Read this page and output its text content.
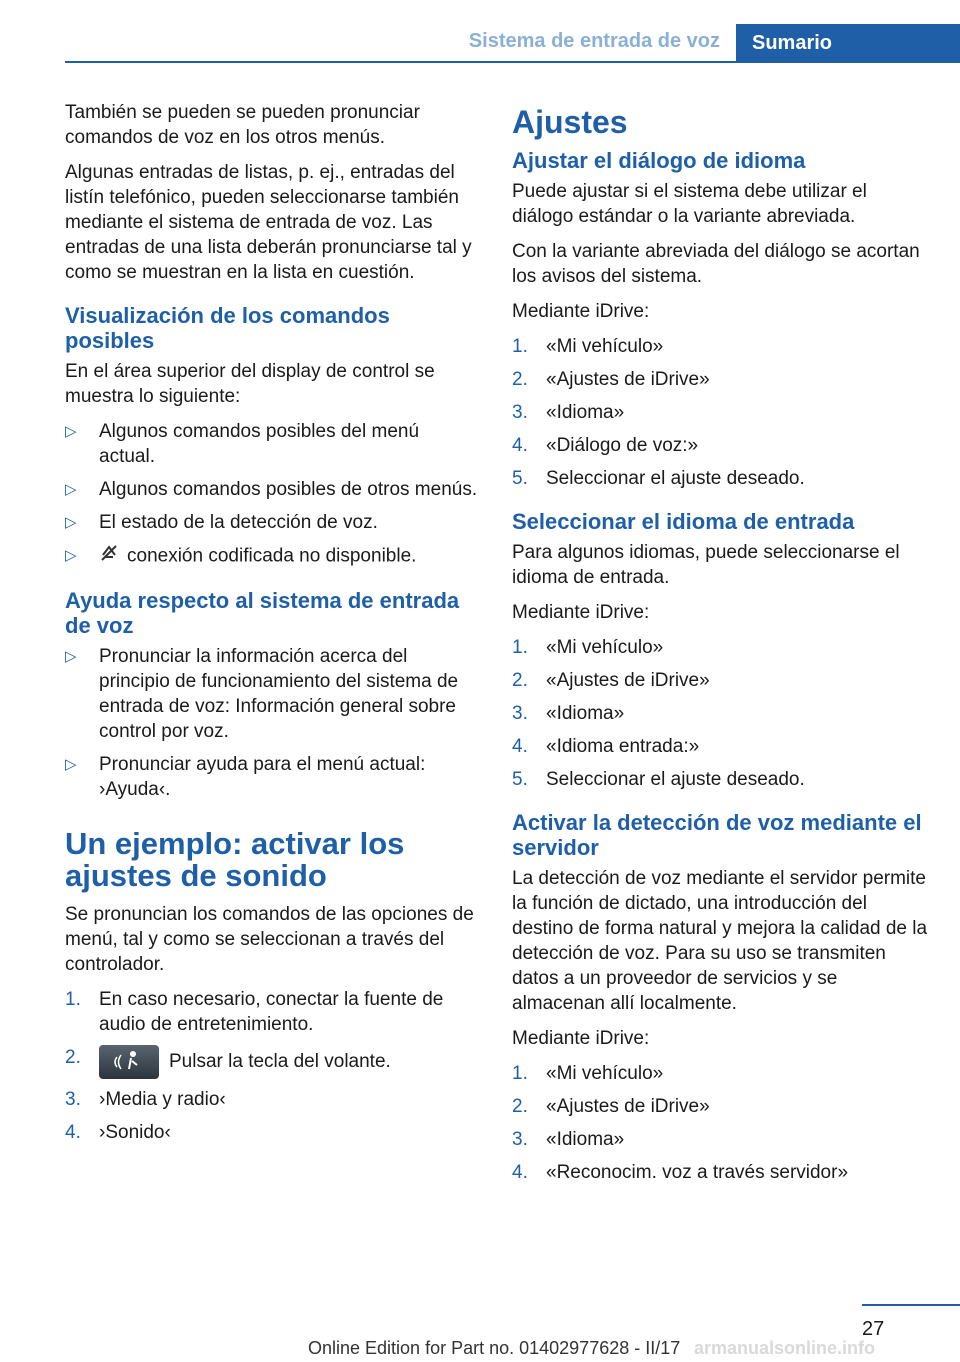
Sistema de entrada de voz	Sumario

También se pueden se pueden pronunciar comandos de voz en los otros menús.

Algunas entradas de listas, p. ej., entradas del listín telefónico, pueden seleccionarse también mediante el sistema de entrada de voz. Las entradas de una lista deberán pronunciarse tal y como se muestran en la lista en cuestión.

Visualización de los comandos posibles

En el área superior del display de control se muestra lo siguiente:

▷ Algunos comandos posibles del menú actual.
▷ Algunos comandos posibles de otros menús.
▷ El estado de la detección de voz.
▷	conexión codificada no disponible.
Ayuda respecto al sistema de entrada de voz
▷ Pronunciar la información acerca del principio de funcionamiento del sistema de entrada de voz: Información general sobre control por voz.
▷ Pronunciar ayuda para el menú actual: ›Ayuda‹.
Un ejemplo: activar los ajustes de sonido

Se pronuncian los comandos de las opciones de menú, tal y como se seleccionan a través del controlador.

1. En caso necesario, conectar la fuente de audio de entretenimiento.
2.	Pulsar la tecla del volante.
3. ›Media y radio‹
4. ›Sonido‹
Ajustes
Ajustar el diálogo de idioma

Puede ajustar si el sistema debe utilizar el diálogo estándar o la variante abreviada.

Con la variante abreviada del diálogo se acortan los avisos del sistema.

Mediante iDrive:

1. «Mi vehículo»
2. «Ajustes de iDrive»
3. «Idioma»
4. «Diálogo de voz:»
5. Seleccionar el ajuste deseado.
Seleccionar el idioma de entrada

Para algunos idiomas, puede seleccionarse el idioma de entrada.

Mediante iDrive:

1. «Mi vehículo»
2. «Ajustes de iDrive»
3. «Idioma»
4. «Idioma entrada:»
5. Seleccionar el ajuste deseado.
Activar la detección de voz mediante el servidor

La detección de voz mediante el servidor permite la función de dictado, una introducción del destino de forma natural y mejora la calidad de la detección de voz. Para su uso se transmiten datos a un proveedor de servicios y se almacenan allí localmente.

Mediante iDrive:

1. «Mi vehículo»
2. «Ajustes de iDrive»
3. «Idioma»
4. «Reconocim. voz a través servidor»
27
Online Edition for Part no. 01402977628 - II/17 armanualsonline.info
